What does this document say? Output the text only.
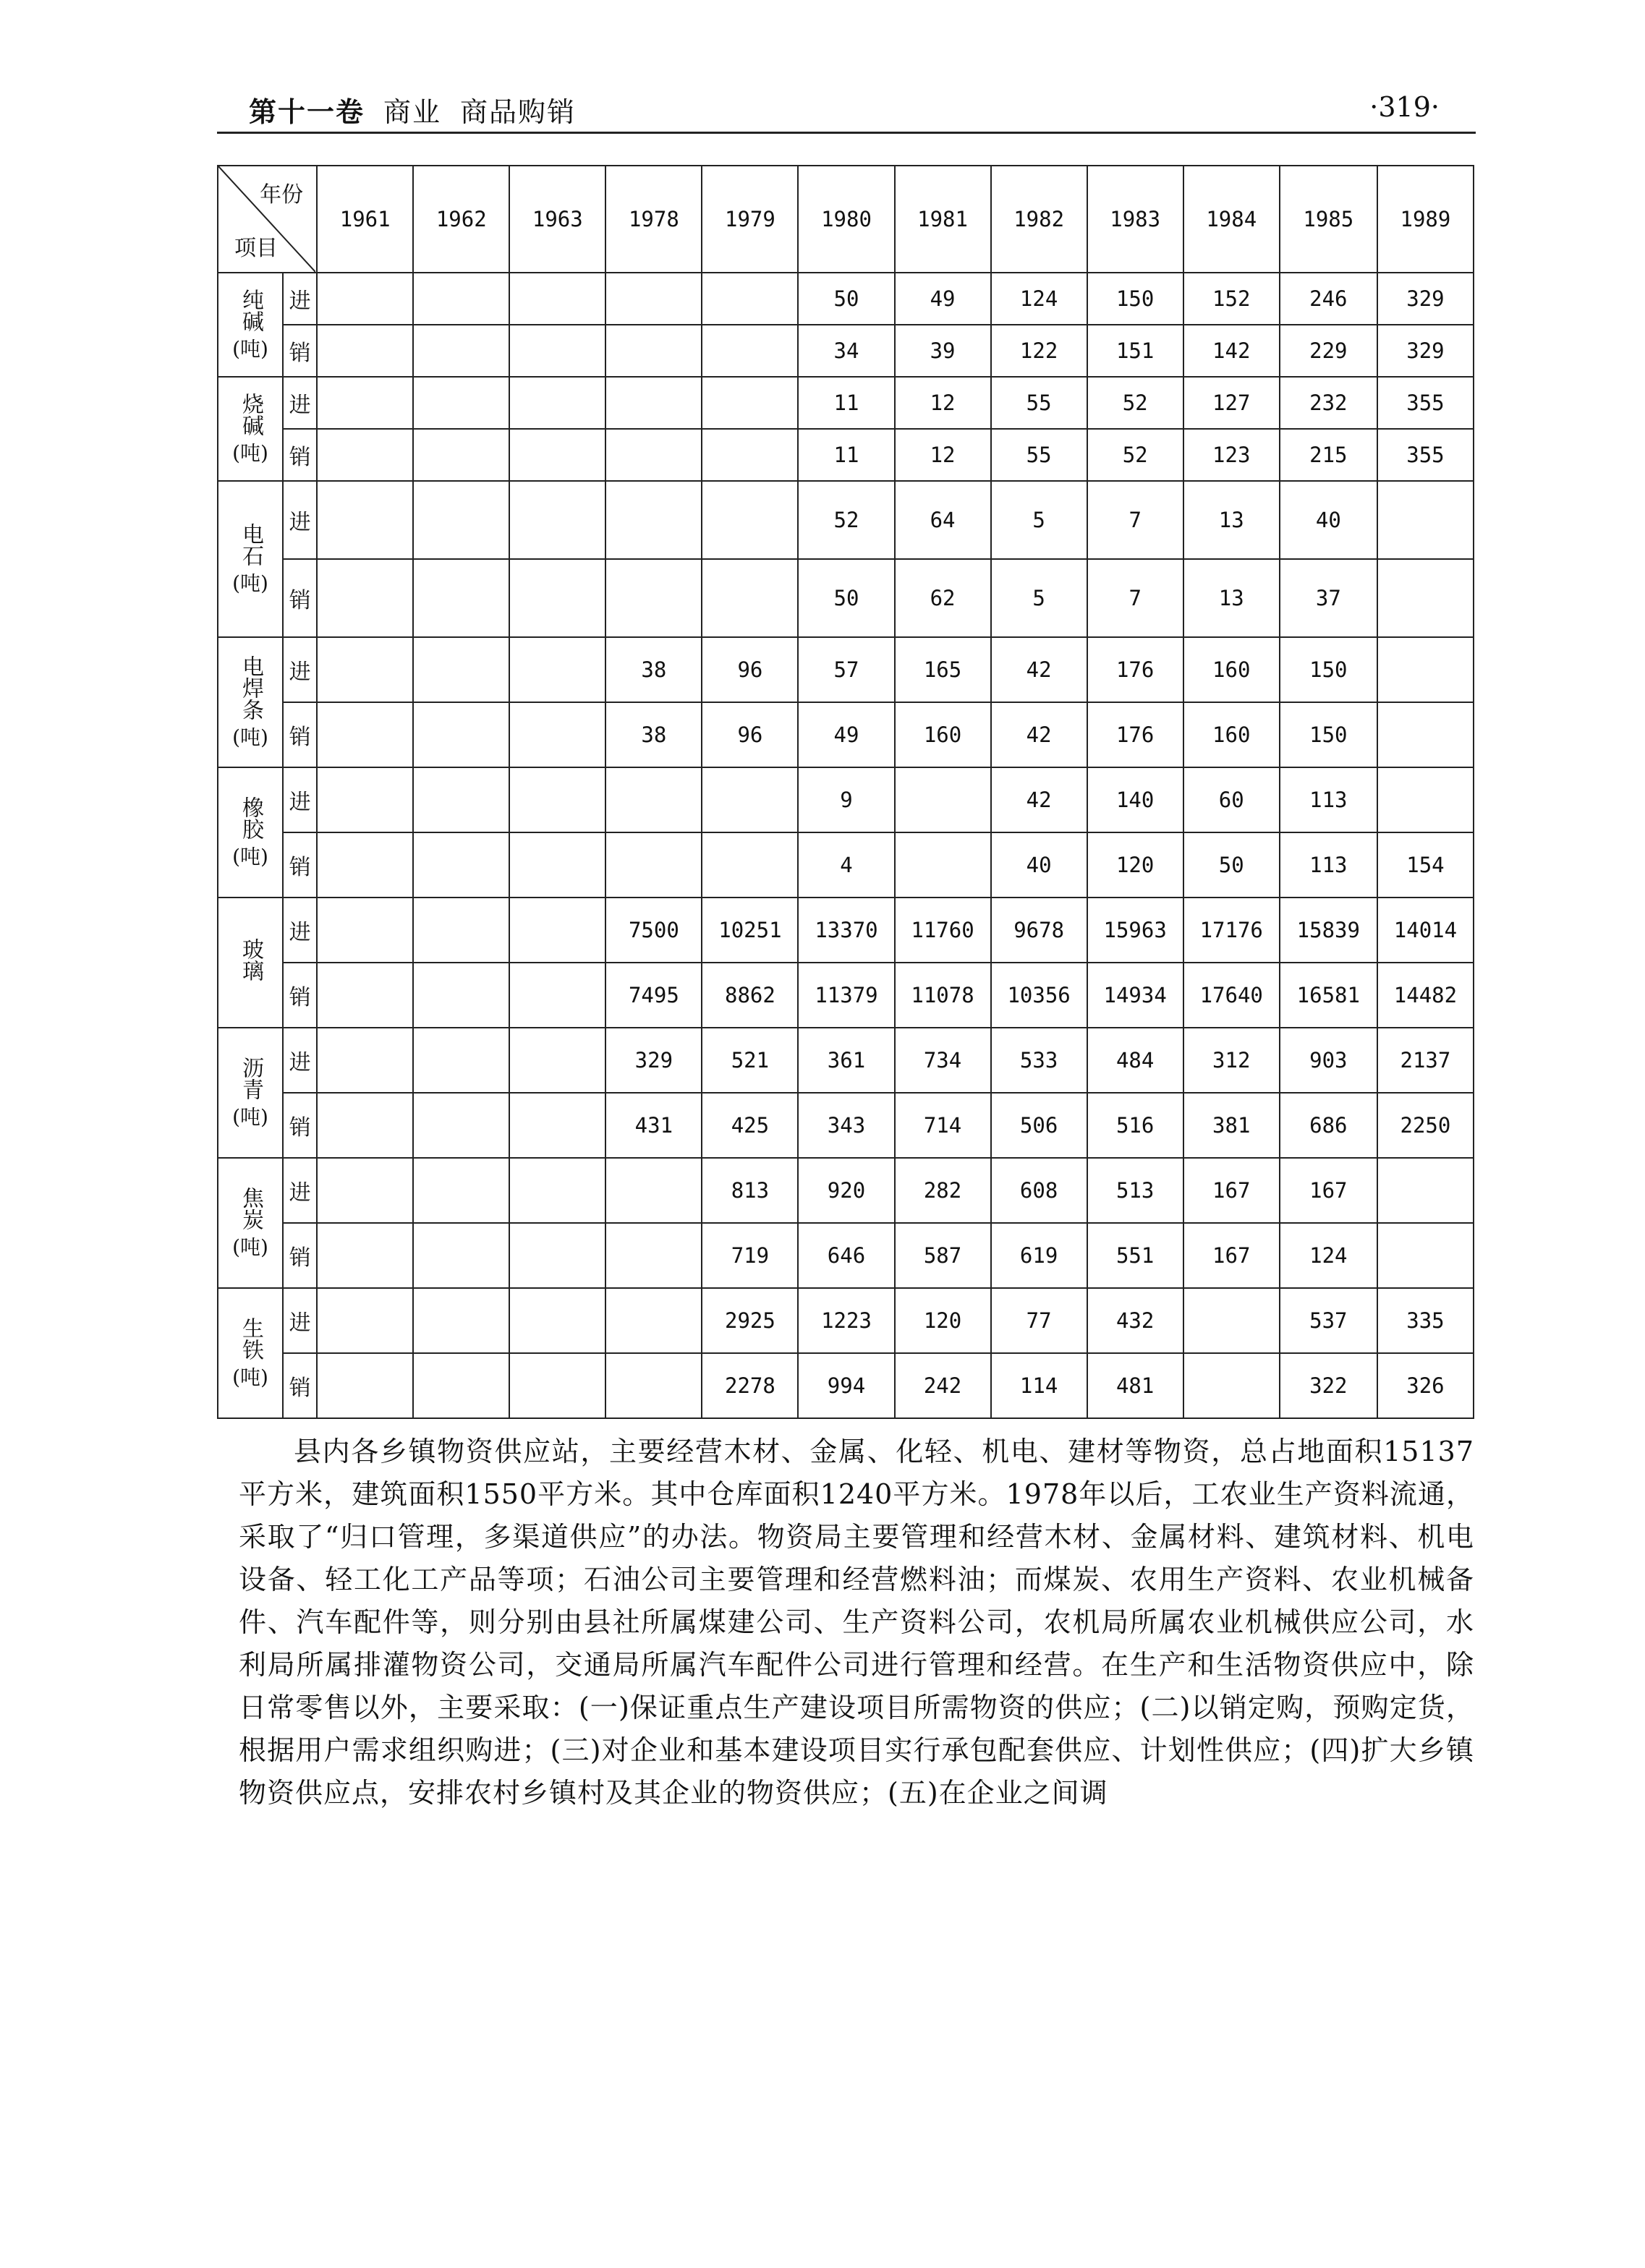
第十一卷 商业 商品购销	·319·
年份
项目		1961	1962	1963	1978	1979	1980	1981	1982	1983	1984	1985	1989
纯碱
(吨)	进						50	49	124	150	152	246	329
	销						34	39	122	151	142	229	329
烧碱
(吨)	进						11	12	55	52	127	232	355
	销						11	12	55	52	123	215	355
电石
(吨)	进						52	64	5	7	13	40	
	销						50	62	5	7	13	37	
电焊条
(吨)	进				38	96	57	165	42	176	160	150	
	销				38	96	49	160	42	176	160	150	
橡胶
(吨)	进						9		42	140	60	113	
	销						4		40	120	50	113	154
玻璃	进				7500	10251	13370	11760	9678	15963	17176	15839	14014
	销				7495	8862	11379	11078	10356	14934	17640	16581	14482
沥青
(吨)	进				329	521	361	734	533	484	312	903	2137
	销				431	425	343	714	506	516	381	686	2250
焦炭
(吨)	进					813	920	282	608	513	167	167	
	销					719	646	587	619	551	167	124	
生铁
(吨)	进					2925	1223	120	77	432		537	335
	销					2278	994	242	114	481		322	326

县内各乡镇物资供应站，主要经营木材、金属、化轻、机电、建材等物资，总占地面积15137平方米，建筑面积1550平方米。其中仓库面积1240平方米。1978年以后，工农业生产资料流通，采取了“归口管理，多渠道供应”的办法。物资局主要管理和经营木材、金属材料、建筑材料、机电设备、轻工化工产品等项；石油公司主要管理和经营燃料油；而煤炭、农用生产资料、农业机械备件、汽车配件等，则分别由县社所属煤建公司、生产资料公司，农机局所属农业机械供应公司，水利局所属排灌物资公司，交通局所属汽车配件公司进行管理和经营。在生产和生活物资供应中，除日常零售以外，主要采取：(一)保证重点生产建设项目所需物资的供应；(二)以销定购，预购定货，根据用户需求组织购进；(三)对企业和基本建设项目实行承包配套供应、计划性供应；(四)扩大乡镇物资供应点，安排农村乡镇村及其企业的物资供应；(五)在企业之间调
